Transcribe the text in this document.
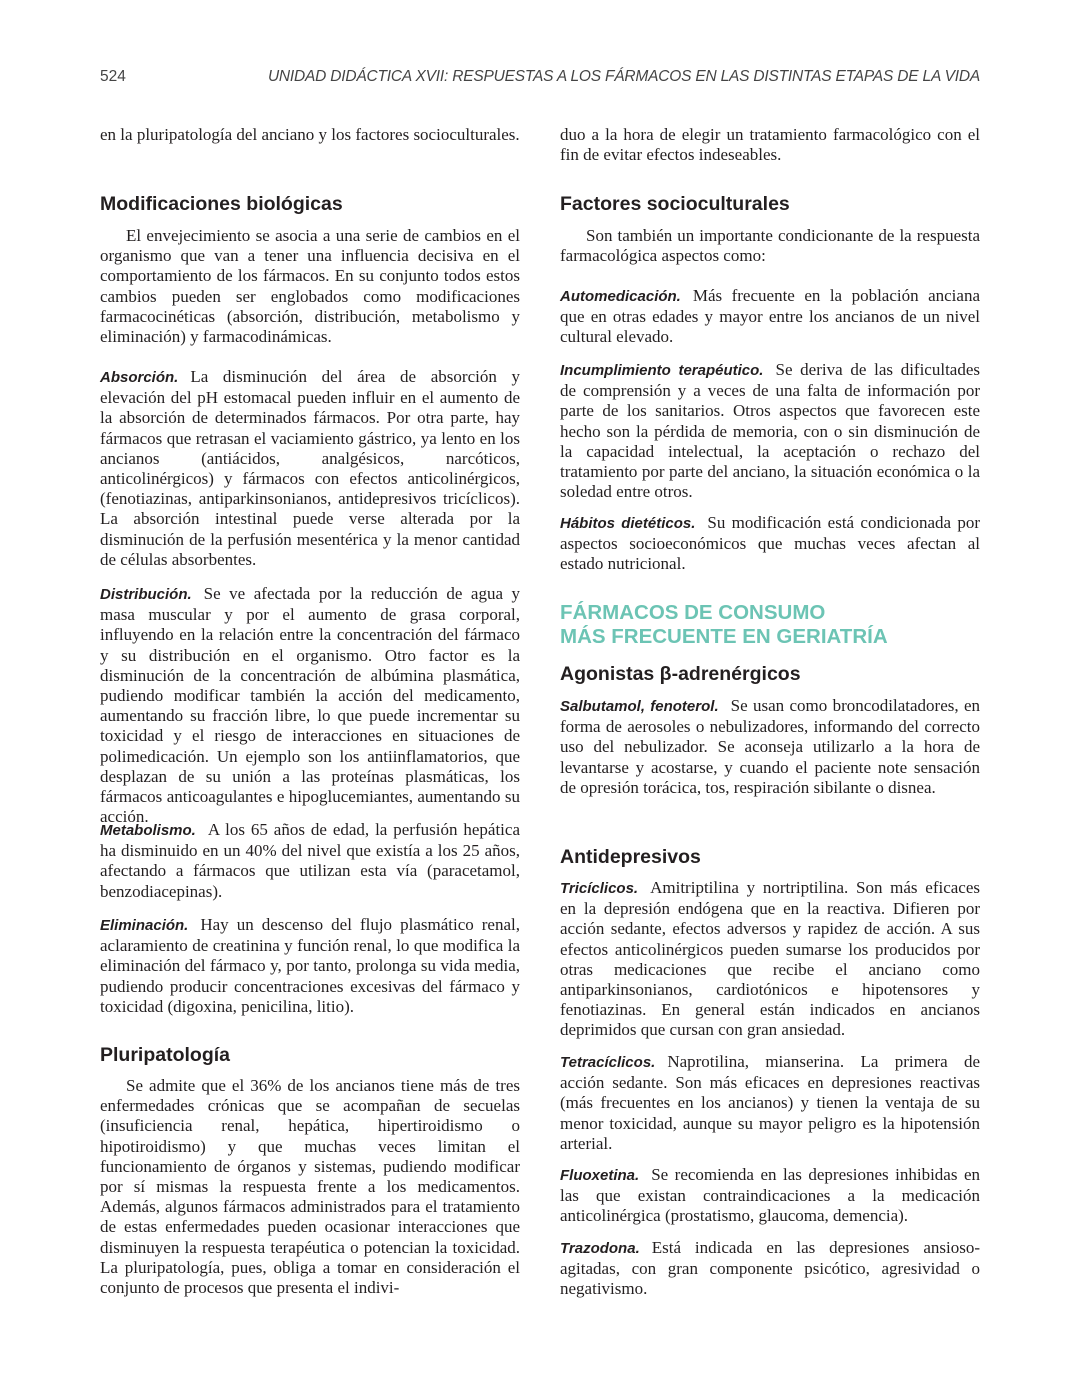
524	UNIDAD DIDÁCTICA XVII: RESPUESTAS A LOS FÁRMACOS EN LAS DISTINTAS ETAPAS DE LA VIDA

en la pluripatología del anciano y los factores socioculturales.

Modificaciones biológicas

El envejecimiento se asocia a una serie de cambios en el organismo que van a tener una influencia decisiva en el comportamiento de los fármacos. En su conjunto todos estos cambios pueden ser englobados como modificaciones farmacocinéticas (absorción, distribución, metabolismo y eliminación) y farmacodinámicas.

Absorción. La disminución del área de absorción y elevación del pH estomacal pueden influir en el aumento de la absorción de determinados fármacos. Por otra parte, hay fármacos que retrasan el vaciamiento gástrico, ya lento en los ancianos (antiácidos, analgésicos, narcóticos, anticolinérgicos) y fármacos con efectos anticolinérgicos, (fenotiazinas, antiparkinsonianos, antidepresivos tricíclicos). La absorción intestinal puede verse alterada por la disminución de la perfusión mesentérica y la menor cantidad de células absorbentes.

Distribución. Se ve afectada por la reducción de agua y masa muscular y por el aumento de grasa corporal, influyendo en la relación entre la concentración del fármaco y su distribución en el organismo. Otro factor es la disminución de la concentración de albúmina plasmática, pudiendo modificar también la acción del medicamento, aumentando su fracción libre, lo que puede incrementar su toxicidad y el riesgo de interacciones en situaciones de polimedicación. Un ejemplo son los antiinflamatorios, que desplazan de su unión a las proteínas plasmáticas, los fármacos anticoagulantes e hipoglucemiantes, aumentando su acción.

Metabolismo. A los 65 años de edad, la perfusión hepática ha disminuido en un 40% del nivel que existía a los 25 años, afectando a fármacos que utilizan esta vía (paracetamol, benzodiacepinas).

Eliminación. Hay un descenso del flujo plasmático renal, aclaramiento de creatinina y función renal, lo que modifica la eliminación del fármaco y, por tanto, prolonga su vida media, pudiendo producir concentraciones excesivas del fármaco y toxicidad (digoxina, penicilina, litio).

Pluripatología

Se admite que el 36% de los ancianos tiene más de tres enfermedades crónicas que se acompañan de secuelas (insuficiencia renal, hepática, hipertiroidismo o hipotiroidismo) y que muchas veces limitan el funcionamiento de órganos y sistemas, pudiendo modificar por sí mismas la respuesta frente a los medicamentos. Además, algunos fármacos administrados para el tratamiento de estas enfermedades pueden ocasionar interacciones que disminuyen la respuesta terapéutica o potencian la toxicidad. La pluripatología, pues, obliga a tomar en consideración el conjunto de procesos que presenta el indivi-

duo a la hora de elegir un tratamiento farmacológico con el fin de evitar efectos indeseables.

Factores socioculturales

Son también un importante condicionante de la respuesta farmacológica aspectos como:

Automedicación. Más frecuente en la población anciana que en otras edades y mayor entre los ancianos de un nivel cultural elevado.

Incumplimiento terapéutico. Se deriva de las dificultades de comprensión y a veces de una falta de información por parte de los sanitarios. Otros aspectos que favorecen este hecho son la pérdida de memoria, con o sin disminución de la capacidad intelectual, la aceptación o rechazo del tratamiento por parte del anciano, la situación económica o la soledad entre otros.

Hábitos dietéticos. Su modificación está condicionada por aspectos socioeconómicos que muchas veces afectan al estado nutricional.

FÁRMACOS DE CONSUMO
MÁS FRECUENTE EN GERIATRÍA
Agonistas β-adrenérgicos

Salbutamol, fenoterol. Se usan como broncodilatadores, en forma de aerosoles o nebulizadores, informando del correcto uso del nebulizador. Se aconseja utilizarlo a la hora de levantarse y acostarse, y cuando el paciente note sensación de opresión torácica, tos, respiración sibilante o disnea.

Antidepresivos

Tricíclicos. Amitriptilina y nortriptilina. Son más eficaces en la depresión endógena que en la reactiva. Difieren por acción sedante, efectos adversos y rapidez de acción. A sus efectos anticolinérgicos pueden sumarse los producidos por otras medicaciones que recibe el anciano como antiparkinsonianos, cardiotónicos e hipotensores y fenotiazinas. En general están indicados en ancianos deprimidos que cursan con gran ansiedad.

Tetracíclicos. Naprotilina, mianserina. La primera de acción sedante. Son más eficaces en depresiones reactivas (más frecuentes en los ancianos) y tienen la ventaja de su menor toxicidad, aunque su mayor peligro es la hipotensión arterial.

Fluoxetina. Se recomienda en las depresiones inhibidas en las que existan contraindicaciones a la medicación anticolinérgica (prostatismo, glaucoma, demencia).

Trazodona. Está indicada en las depresiones ansioso-agitadas, con gran componente psicótico, agresividad o negativismo.
